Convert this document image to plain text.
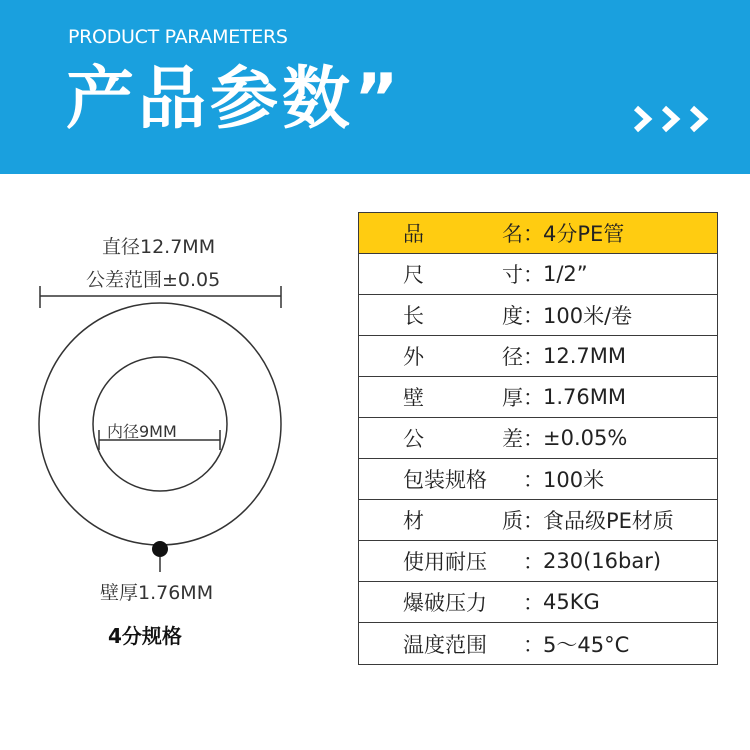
PRODUCT PARAMETERS
产品参数”
直径12.7MM
公差范围±0.05
内径9MM
壁厚1.76MM
4分规格
品	名 ： 4分PE管
尺	寸 ： 1/2”
长	度 ： 100米/卷
外	径 ： 12.7MM
壁	厚 ： 1.76MM
公	差 ： ±0.05%
包装规格 ： 100米
材	质 ： 食品级PE材质
使用耐压 ： 230(16bar)
爆破压力 ： 45KG
温度范围 ： 5～45°C
